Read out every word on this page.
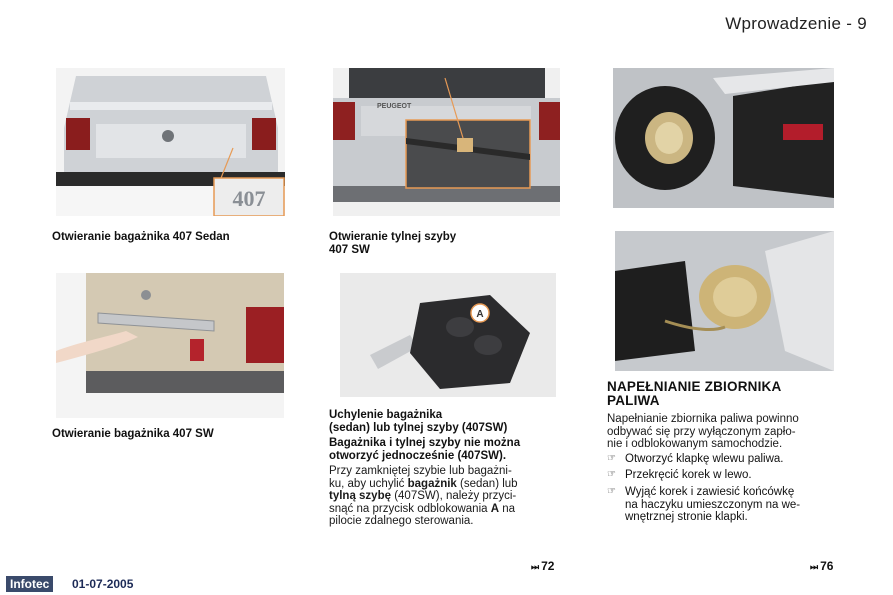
Wprowadzenie - 9
407
PEUGEOT
A
Otwieranie bagażnika 407 Sedan	Otwieranie tylnej szyby
407 SW
Otwieranie bagażnika 407 SW
Uchylenie bagażnika
(sedan) lub tylnej szyby (407SW)
Bagażnika i tylnej szyby nie można
otworzyć jednocześnie (407SW).
Przy zamkniętej szybie lub bagażni-
ku, aby uchylić bagażnik (sedan) lub
tylną szybę (407SW), należy przyci-
snąć na przycisk odblokowania A na
pilocie zdalnego sterowania.
NAPEŁNIANIE ZBIORNIKA
PALIWA
Napełnianie zbiornika paliwa powinno
odbywać się przy wyłączonym zapło-
nie i odblokowanym samochodzie.
☞ Otworzyć klapkę wlewu paliwa.
☞ Przekręcić korek w lewo.
☞ Wyjąć korek i zawiesić końcówkę
na haczyku umieszczonym na we-
wnętrznej stronie klapki.
⏭ 72	⏭ 76
Infotec	01-07-2005
